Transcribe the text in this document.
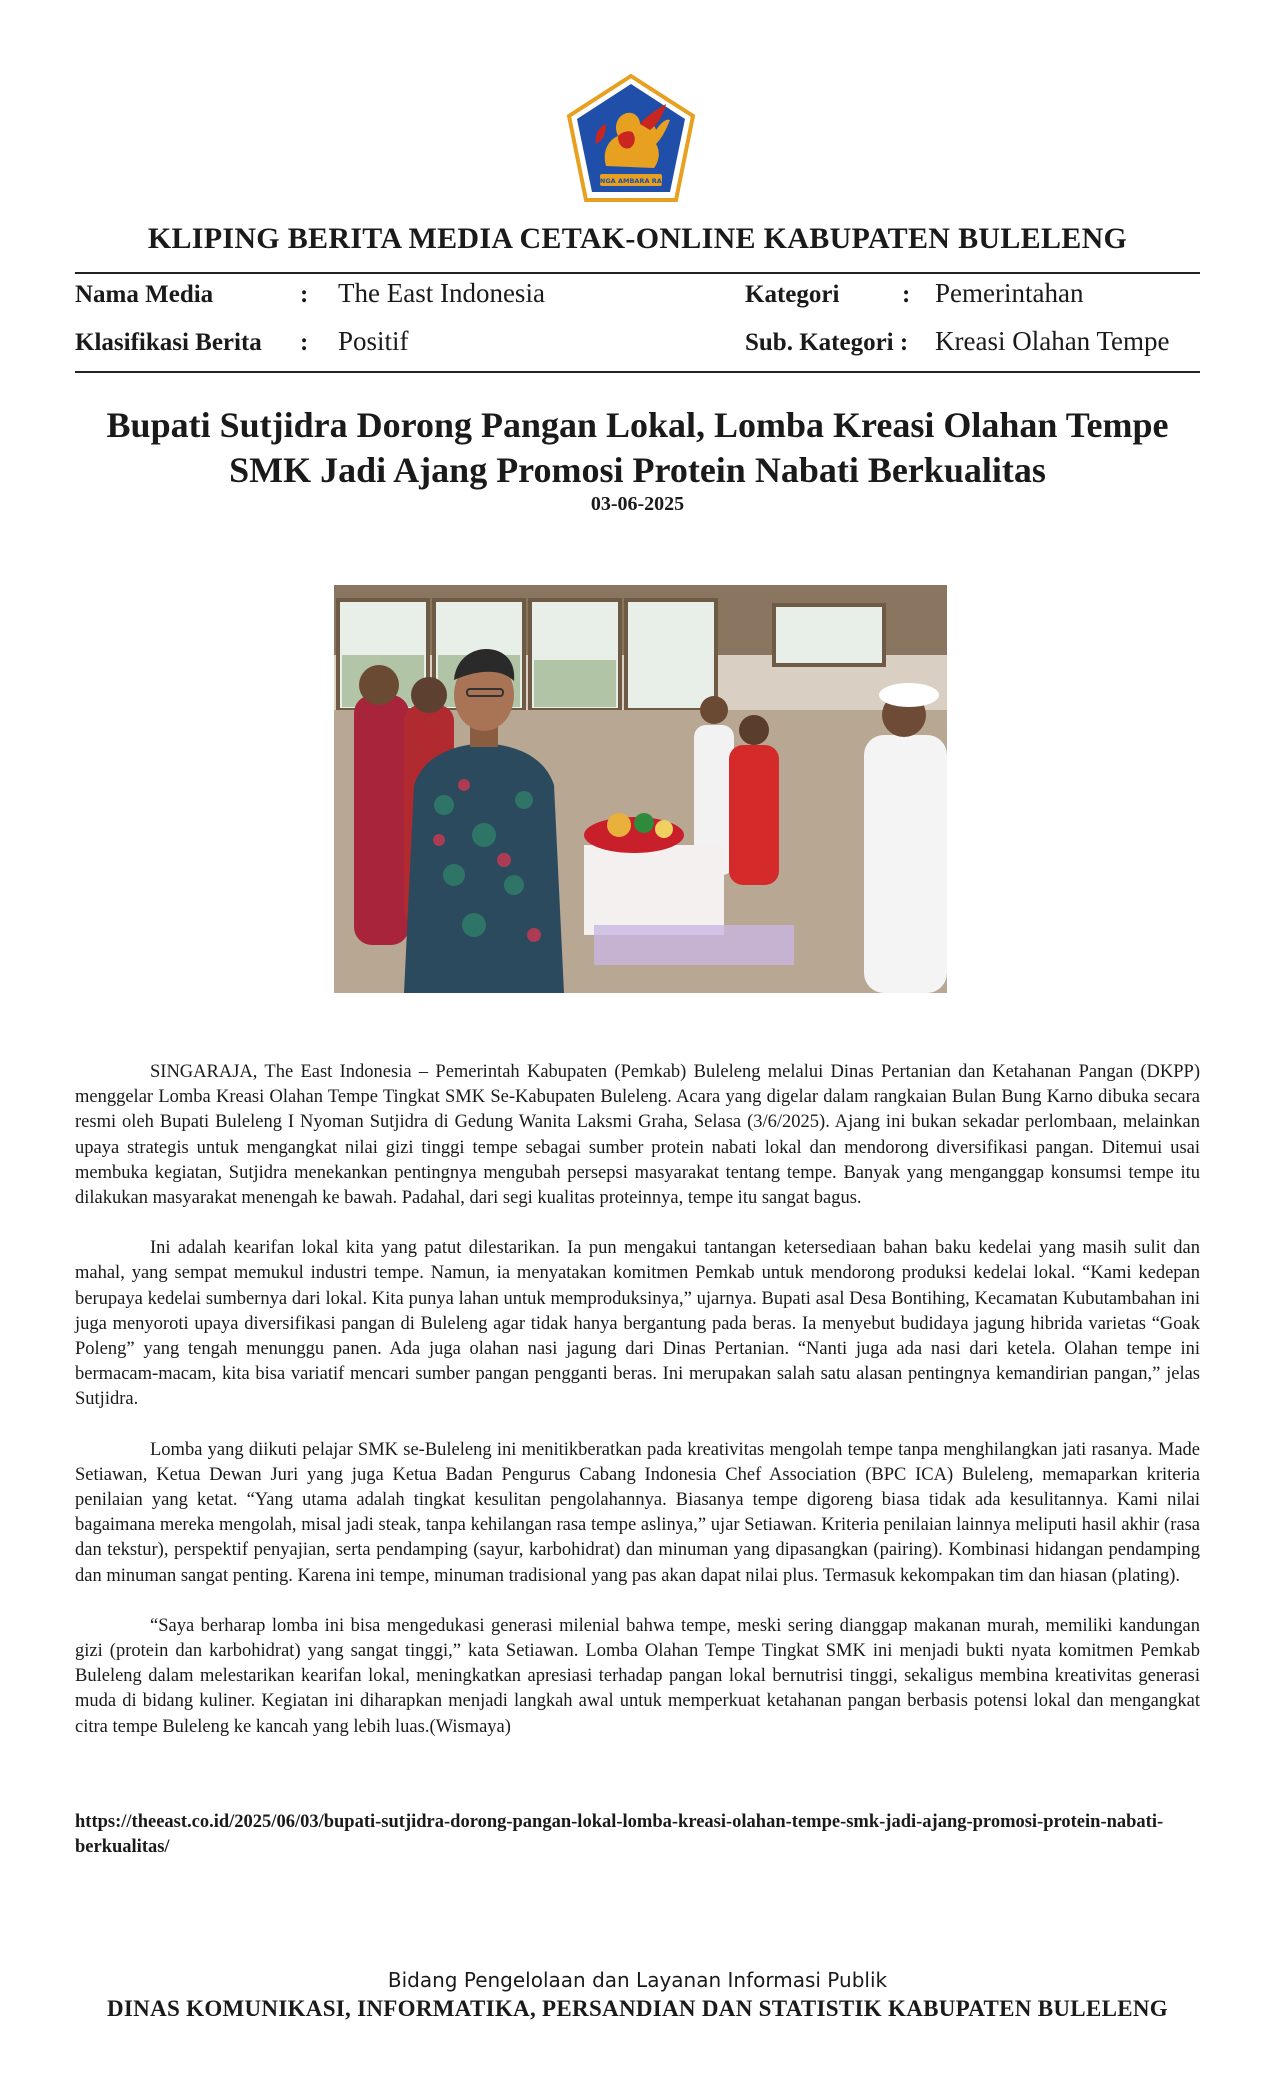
SINGA AMBARA RAJA
KLIPING BERITA MEDIA CETAK-ONLINE KABUPATEN BULELENG
Nama Media	: The East Indonesia	Kategori	: Pemerintahan
Klasifikasi Berita : Positif	Sub. Kategori : Kreasi Olahan Tempe
Bupati Sutjidra Dorong Pangan Lokal, Lomba Kreasi Olahan Tempe
SMK Jadi Ajang Promosi Protein Nabati Berkualitas
03-06-2025

SINGARAJA, The East Indonesia – Pemerintah Kabupaten (Pemkab) Buleleng melalui Dinas Pertanian dan Ketahanan Pangan (DKPP) menggelar Lomba Kreasi Olahan Tempe Tingkat SMK Se-Kabupaten Buleleng. Acara yang digelar dalam rangkaian Bulan Bung Karno dibuka secara resmi oleh Bupati Buleleng I Nyoman Sutjidra di Gedung Wanita Laksmi Graha, Selasa (3/6/2025). Ajang ini bukan sekadar perlombaan, melainkan upaya strategis untuk mengangkat nilai gizi tinggi tempe sebagai sumber protein nabati lokal dan mendorong diversifikasi pangan. Ditemui usai membuka kegiatan, Sutjidra menekankan pentingnya mengubah persepsi masyarakat tentang tempe. Banyak yang menganggap konsumsi tempe itu dilakukan masyarakat menengah ke bawah. Padahal, dari segi kualitas proteinnya, tempe itu sangat bagus.

Ini adalah kearifan lokal kita yang patut dilestarikan. Ia pun mengakui tantangan ketersediaan bahan baku kedelai yang masih sulit dan mahal, yang sempat memukul industri tempe. Namun, ia menyatakan komitmen Pemkab untuk mendorong produksi kedelai lokal. “Kami kedepan berupaya kedelai sumbernya dari lokal. Kita punya lahan untuk memproduksinya,” ujarnya. Bupati asal Desa Bontihing, Kecamatan Kubutambahan ini juga menyoroti upaya diversifikasi pangan di Buleleng agar tidak hanya bergantung pada beras. Ia menyebut budidaya jagung hibrida varietas “Goak Poleng” yang tengah menunggu panen. Ada juga olahan nasi jagung dari Dinas Pertanian. “Nanti juga ada nasi dari ketela. Olahan tempe ini bermacam-macam, kita bisa variatif mencari sumber pangan pengganti beras. Ini merupakan salah satu alasan pentingnya kemandirian pangan,” jelas Sutjidra.

Lomba yang diikuti pelajar SMK se-Buleleng ini menitikberatkan pada kreativitas mengolah tempe tanpa menghilangkan jati rasanya. Made Setiawan, Ketua Dewan Juri yang juga Ketua Badan Pengurus Cabang Indonesia Chef Association (BPC ICA) Buleleng, memaparkan kriteria penilaian yang ketat. “Yang utama adalah tingkat kesulitan pengolahannya. Biasanya tempe digoreng biasa tidak ada kesulitannya. Kami nilai bagaimana mereka mengolah, misal jadi steak, tanpa kehilangan rasa tempe aslinya,” ujar Setiawan. Kriteria penilaian lainnya meliputi hasil akhir (rasa dan tekstur), perspektif penyajian, serta pendamping (sayur, karbohidrat) dan minuman yang dipasangkan (pairing). Kombinasi hidangan pendamping dan minuman sangat penting. Karena ini tempe, minuman tradisional yang pas akan dapat nilai plus. Termasuk kekompakan tim dan hiasan (plating).

“Saya berharap lomba ini bisa mengedukasi generasi milenial bahwa tempe, meski sering dianggap makanan murah, memiliki kandungan gizi (protein dan karbohidrat) yang sangat tinggi,” kata Setiawan. Lomba Olahan Tempe Tingkat SMK ini menjadi bukti nyata komitmen Pemkab Buleleng dalam melestarikan kearifan lokal, meningkatkan apresiasi terhadap pangan lokal bernutrisi tinggi, sekaligus membina kreativitas generasi muda di bidang kuliner. Kegiatan ini diharapkan menjadi langkah awal untuk memperkuat ketahanan pangan berbasis potensi lokal dan mengangkat citra tempe Buleleng ke kancah yang lebih luas.(Wismaya)

https://theeast.co.id/2025/06/03/bupati-sutjidra-dorong-pangan-lokal-lomba-kreasi-olahan-tempe-smk-jadi-ajang-promosi-protein-nabati-berkualitas/
Bidang Pengelolaan dan Layanan Informasi Publik
DINAS KOMUNIKASI, INFORMATIKA, PERSANDIAN DAN STATISTIK KABUPATEN BULELENG
